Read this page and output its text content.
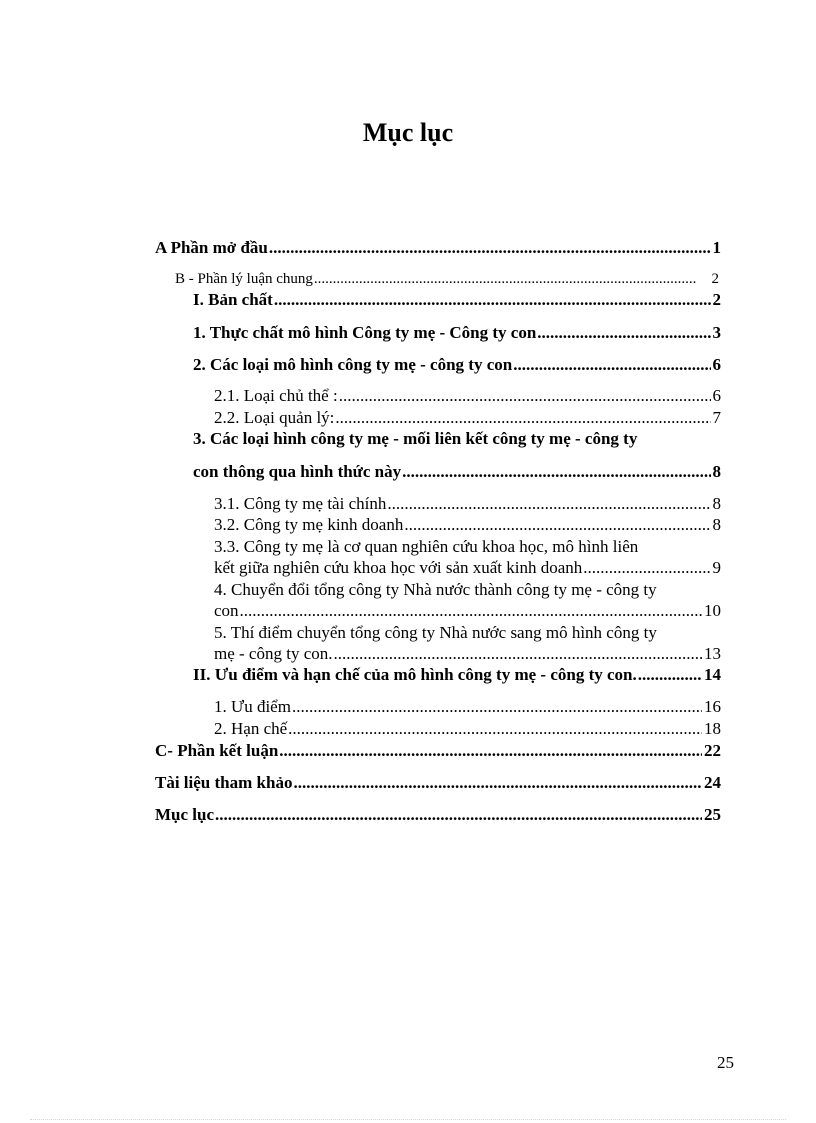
Mục lục
A Phần mở đầu .....	1
B - Phần lý luận chung .....	2
I. Bản chất .....	2
1. Thực chất mô hình Công ty mẹ - Công ty con .....	3
2. Các loại mô hình công ty mẹ - công ty con .....	6
2.1. Loại chủ thể : .....	6
2.2. Loại quản lý: .....	7
3. Các loại hình công ty mẹ - mối liên kết công ty mẹ - công ty
con thông qua hình thức này .....	8
3.1. Công ty mẹ tài chính .....	8
3.2. Công ty mẹ kinh doanh .....	8
3.3. Công ty mẹ là cơ quan nghiên cứu khoa học, mô hình liên
kết giữa nghiên cứu khoa học với sản xuất kinh doanh .....	9
4. Chuyển đổi tổng công ty Nhà nước thành công ty mẹ - công ty
con .....	10
5. Thí điểm chuyển tổng công ty Nhà nước sang mô hình công ty
mẹ - công ty con. .....	13
II. Ưu điểm và hạn chế của mô hình công ty mẹ - công ty con. .....	14
1. Ưu điểm .....	16
2. Hạn chế .....	18
C- Phần kết luận .....	22
Tài liệu tham khảo .....	24
Mục lục .....	25
25
